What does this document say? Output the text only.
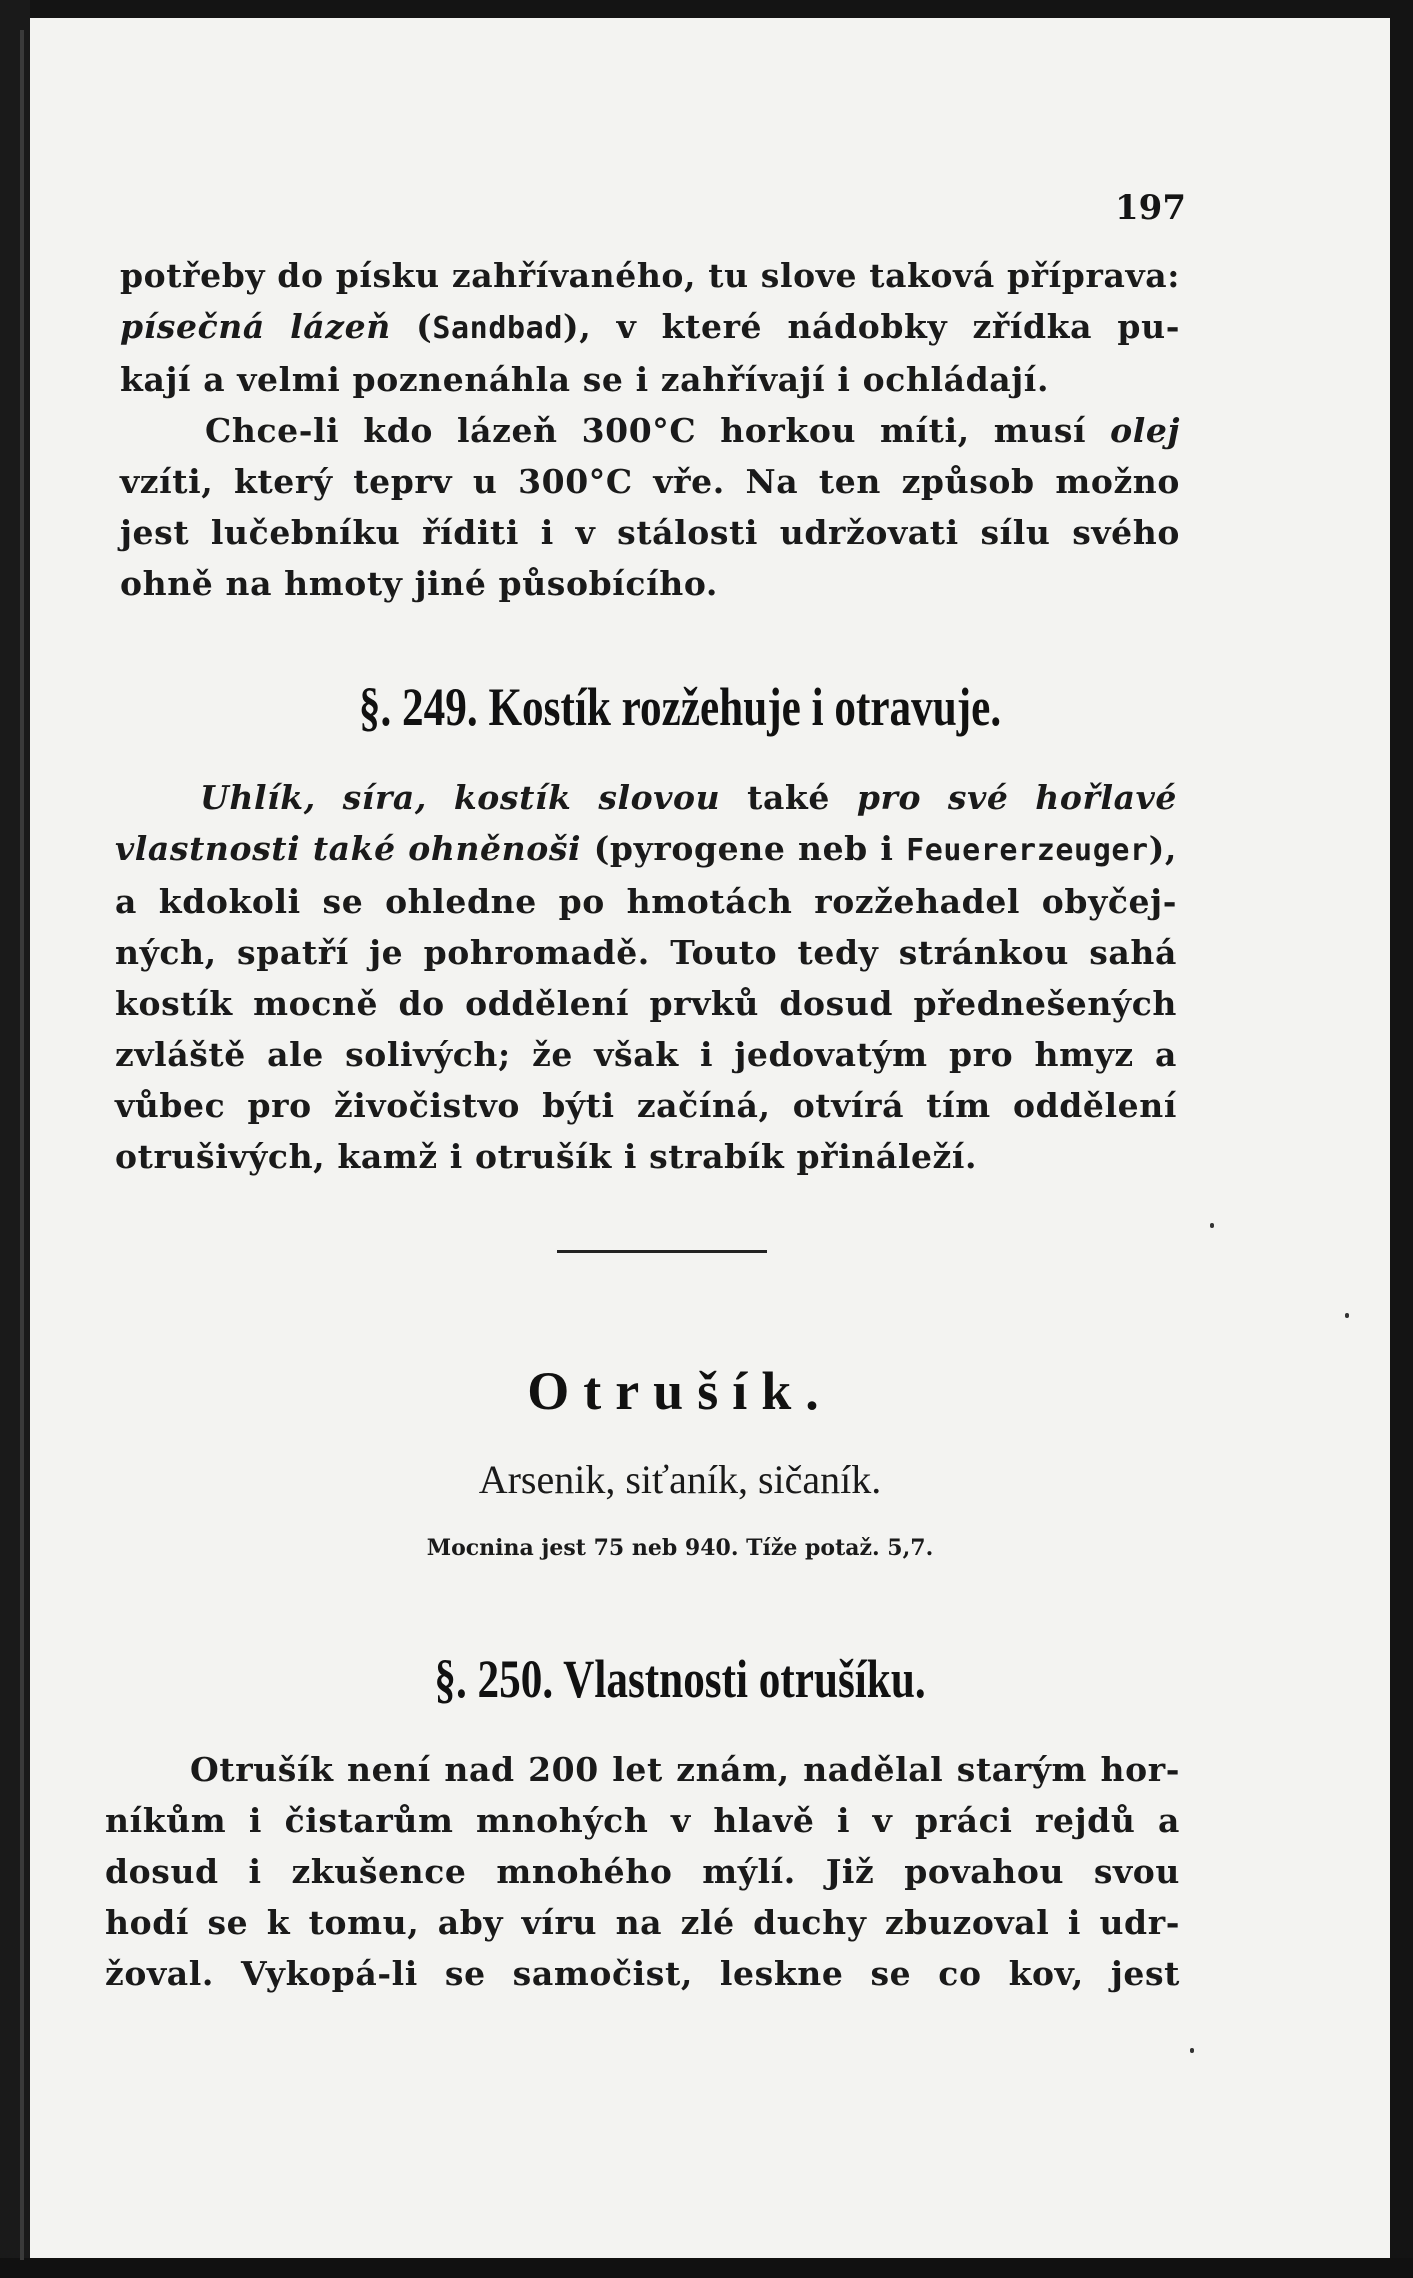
197
potřeby do písku zahřívaného, tu slove taková příprava:
písečná lázeň (Sandbad), v které nádobky zřídka pu-
kají a velmi poznenáhla se i zahřívají i ochládají.
Chce-li kdo lázeň 300°C horkou míti, musí olej
vzíti, který teprv u 300°C vře. Na ten způsob možno
jest lučebníku říditi i v stálosti udržovati sílu svého
ohně na hmoty jiné působícího.
§. 249. Kostík rozžehuje i otravuje.
Uhlík, síra, kostík slovou také pro své hořlavé
vlastnosti také ohněnoši (pyrogene neb i Feuererzeuger),
a kdokoli se ohledne po hmotách rozžehadel obyčej-
ných, spatří je pohromadě. Touto tedy stránkou sahá
kostík mocně do oddělení prvků dosud přednešených
zvláště ale solivých; že však i jedovatým pro hmyz a
vůbec pro živočistvo býti začíná, otvírá tím oddělení
otrušivých, kamž i otrušík i strabík přináleží.
Otrušík.
Arsenik, siťaník, sičaník.
Mocnina jest 75 neb 940. Tíže potaž. 5,7.
§. 250. Vlastnosti otrušíku.
Otrušík není nad 200 let znám, nadělal starým hor-
níkům i čistarům mnohých v hlavě i v práci rejdů a
dosud i zkušence mnohého mýlí. Již povahou svou
hodí se k tomu, aby víru na zlé duchy zbuzoval i udr-
žoval. Vykopá-li se samočist, leskne se co kov, jest
